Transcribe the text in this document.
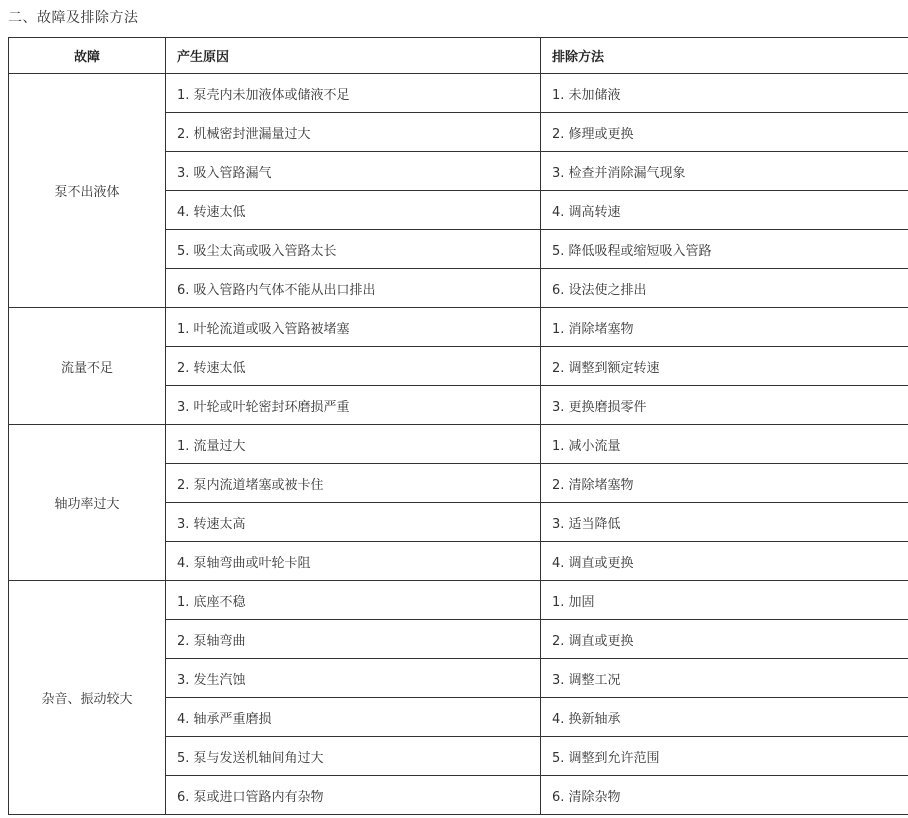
二、故障及排除方法

故障	产生原因	排除方法
泵不出液体	1. 泵壳内未加液体或储液不足	1. 未加储液
	2. 机械密封泄漏量过大	2. 修理或更换
	3. 吸入管路漏气	3. 检查并消除漏气现象
	4. 转速太低	4. 调高转速
	5. 吸尘太高或吸入管路太长	5. 降低吸程或缩短吸入管路
	6. 吸入管路内气体不能从出口排出	6. 设法使之排出
流量不足	1. 叶轮流道或吸入管路被堵塞	1. 消除堵塞物
	2. 转速太低	2. 调整到额定转速
	3. 叶轮或叶轮密封环磨损严重	3. 更换磨损零件
轴功率过大	1. 流量过大	1. 减小流量
	2. 泵内流道堵塞或被卡住	2. 清除堵塞物
	3. 转速太高	3. 适当降低
	4. 泵轴弯曲或叶轮卡阻	4. 调直或更换
杂音、振动较大	1. 底座不稳	1. 加固
	2. 泵轴弯曲	2. 调直或更换
	3. 发生汽蚀	3. 调整工况
	4. 轴承严重磨损	4. 换新轴承
	5. 泵与发送机轴间角过大	5. 调整到允许范围
	6. 泵或进口管路内有杂物	6. 清除杂物
